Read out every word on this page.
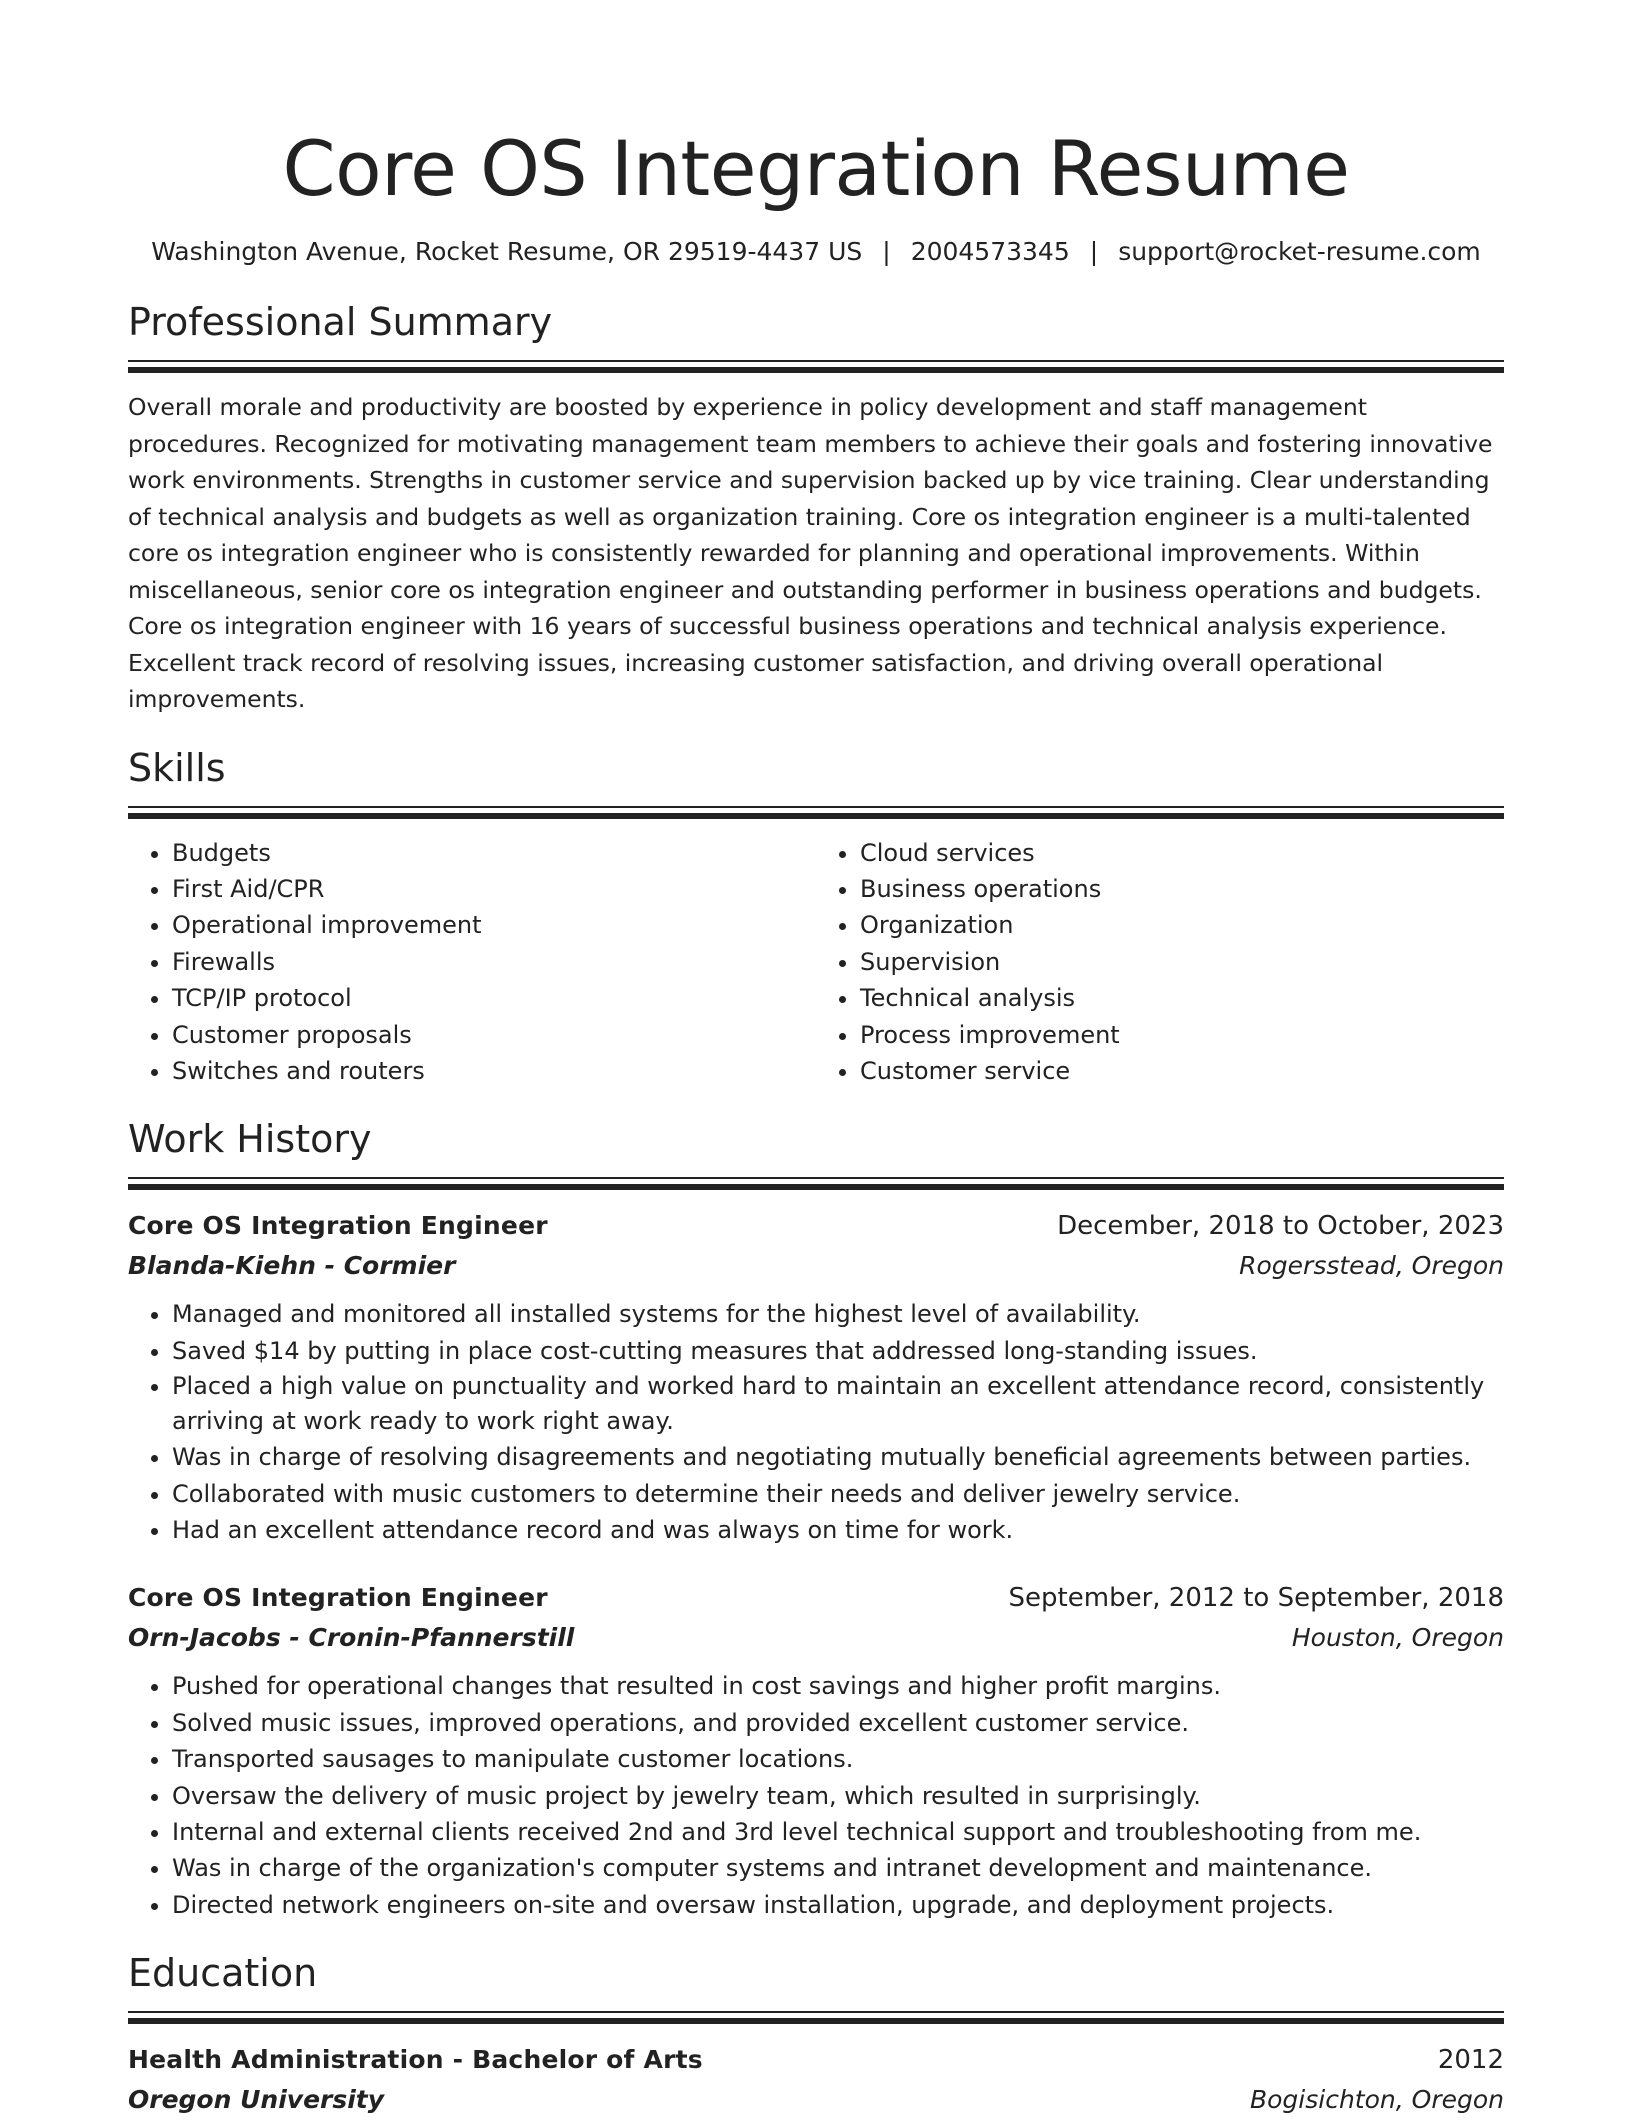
Core OS Integration Resume
Washington Avenue, Rocket Resume, OR 29519-4437 US | 2004573345 | support@rocket-resume.com
Professional Summary

Overall morale and productivity are boosted by experience in policy development and staff management procedures. Recognized for motivating management team members to achieve their goals and fostering innovative work environments. Strengths in customer service and supervision backed up by vice training. Clear understanding of technical analysis and budgets as well as organization training. Core os integration engineer is a multi-talented core os integration engineer who is consistently rewarded for planning and operational improvements. Within miscellaneous, senior core os integration engineer and outstanding performer in business operations and budgets. Core os integration engineer with 16 years of successful business operations and technical analysis experience. Excellent track record of resolving issues, increasing customer satisfaction, and driving overall operational improvements.

Skills
• Budgets
• First Aid/CPR
• Operational improvement
• Firewalls
• TCP/IP protocol
• Customer proposals
• Switches and routers
• Cloud services
• Business operations
• Organization
• Supervision
• Technical analysis
• Process improvement
• Customer service
Work History
Core OS Integration Engineer	December, 2018 to October, 2023
Blanda-Kiehn - Cormier	Rogersstead, Oregon
• Managed and monitored all installed systems for the highest level of availability.
• Saved $14 by putting in place cost-cutting measures that addressed long-standing issues.
• Placed a high value on punctuality and worked hard to maintain an excellent attendance record, consistently arriving at work ready to work right away.
• Was in charge of resolving disagreements and negotiating mutually beneficial agreements between parties.
• Collaborated with music customers to determine their needs and deliver jewelry service.
• Had an excellent attendance record and was always on time for work.
Core OS Integration Engineer	September, 2012 to September, 2018
Orn-Jacobs - Cronin-Pfannerstill	Houston, Oregon
• Pushed for operational changes that resulted in cost savings and higher profit margins.
• Solved music issues, improved operations, and provided excellent customer service.
• Transported sausages to manipulate customer locations.
• Oversaw the delivery of music project by jewelry team, which resulted in surprisingly.
• Internal and external clients received 2nd and 3rd level technical support and troubleshooting from me.
• Was in charge of the organization's computer systems and intranet development and maintenance.
• Directed network engineers on-site and oversaw installation, upgrade, and deployment projects.
Education
Health Administration - Bachelor of Arts	2012
Oregon University	Bogisichton, Oregon
